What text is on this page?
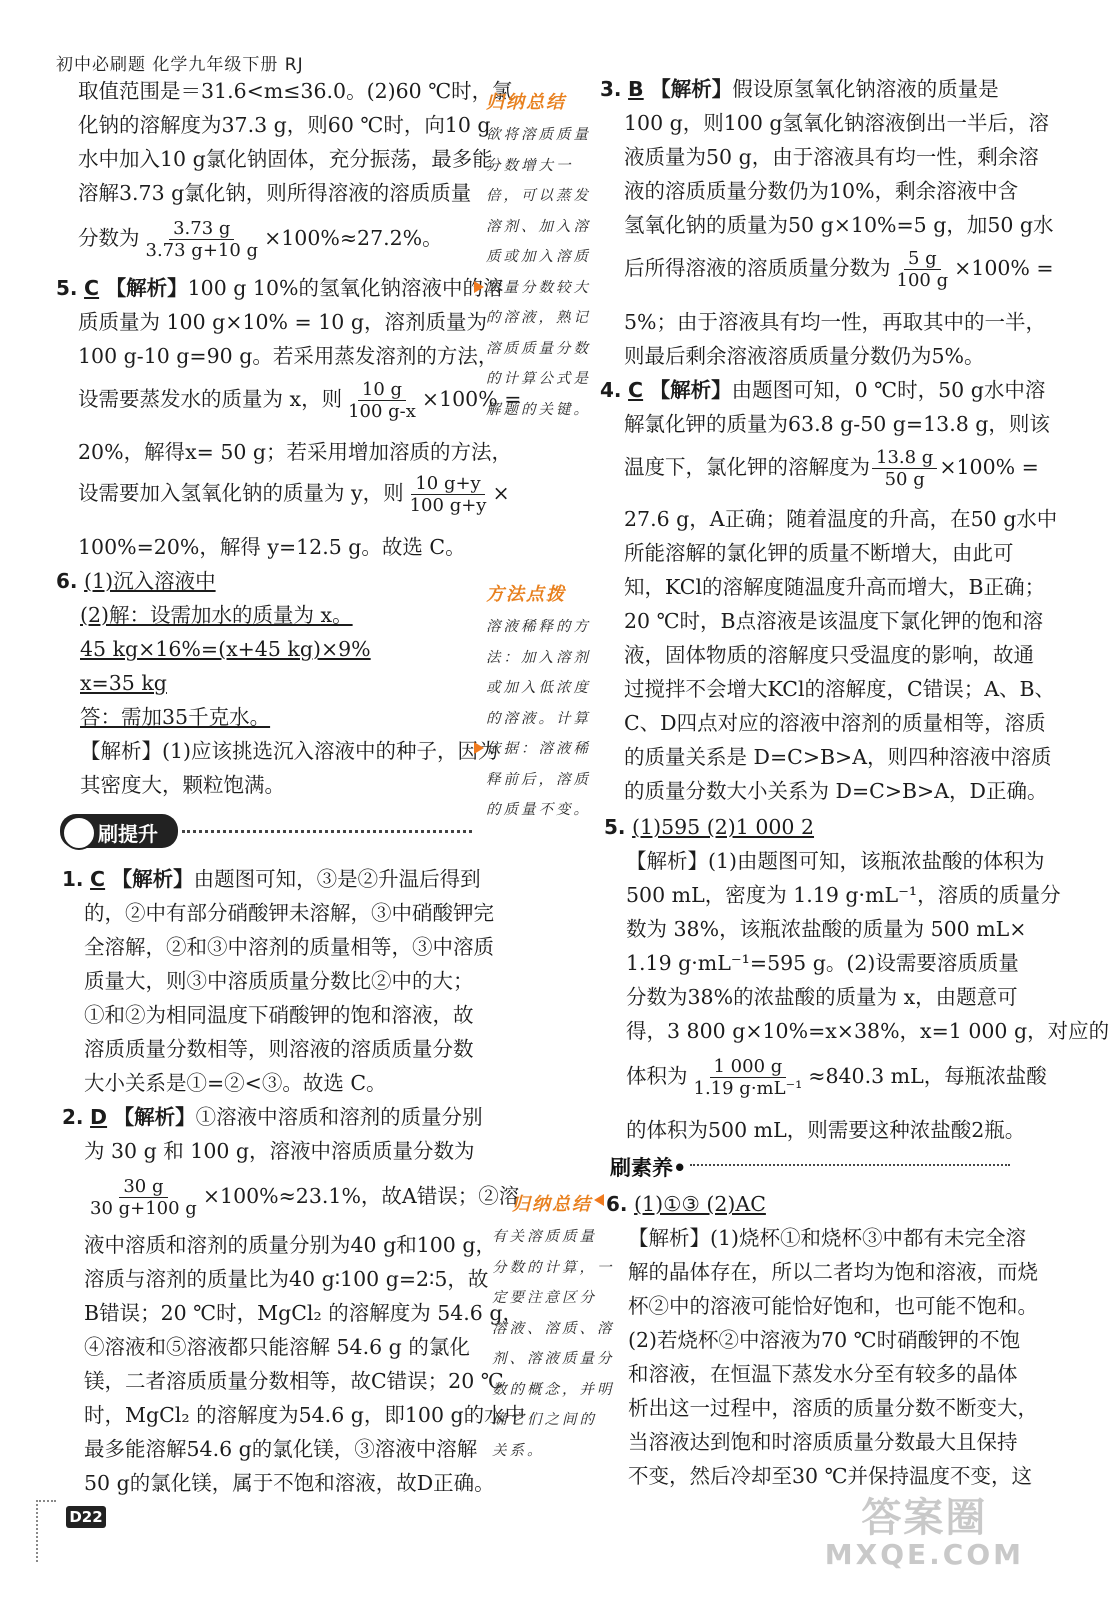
初中必刷题 化学九年级下册 RJ
取值范围是＝31.6<m≤36.0。(2)60 ℃时，氯
化钠的溶解度为37.3 g，则60 ℃时，向10 g
水中加入10 g氯化钠固体，充分振荡，最多能
溶解3.73 g氯化钠，则所得溶液的溶质质量
分数为 $\frac{3.73 g}{3.73 g+10 g} \times 100\%\approx 27.2\%$。
5. C 【解析】100 g 10%的氢氧化钠溶液中的溶
质质量为 100 g×10% = 10 g，溶剂质量为
100 g-10 g=90 g。若采用蒸发溶剂的方法，
设需要蒸发水的质量为 x，则 $\frac{10 g}{100 g-x} \times 100\%$ =
20%，解得x= 50 g；若采用增加溶质的方法，
设需要加入氢氧化钠的质量为 y，则 $\frac{10 g+y}{100 g+y}$ ×
100%=20%，解得 y=12.5 g。故选 C。
6. (1)沉入溶液中
(2)解：设需加水的质量为 x。
45 kg×16%=(x+45 kg)×9%
x=35 kg
答：需加35千克水。
【解析】(1)应该挑选沉入溶液中的种子，因为
其密度大，颗粒饱满。
刷提升
1. C 【解析】由题图可知，③是②升温后得到
的，②中有部分硝酸钾未溶解，③中硝酸钾完
全溶解，②和③中溶剂的质量相等，③中溶质
质量大，则③中溶质质量分数比②中的大；
①和②为相同温度下硝酸钾的饱和溶液，故
溶质质量分数相等，则溶液的溶质质量分数
大小关系是①=②<③。故选 C。
2. D 【解析】①溶液中溶质和溶剂的质量分别
为 30 g 和 100 g，溶液中溶质质量分数为
$\frac{30 g}{30 g+100 g} \times 100\%\approx 23.1\%$，故A错误；②溶
液中溶质和溶剂的质量分别为40 g和100 g，
溶质与溶剂的质量比为40 g∶100 g=2∶5，故
B错误；20 ℃时，MgCl₂ 的溶解度为 54.6 g，
④溶液和⑤溶液都只能溶解 54.6 g 的氯化
镁，二者溶质质量分数相等，故C错误；20 ℃
时，MgCl₂ 的溶解度为54.6 g，即100 g的水中
最多能溶解54.6 g的氯化镁，③溶液中溶解
50 g的氯化镁，属于不饱和溶液，故D正确。
归纳总结
欲将溶质质量
分数增大一
倍，可以蒸发
溶剂、加入溶
质或加入溶质
质量分数较大
的溶液，熟记
溶质质量分数
的计算公式是
解题的关键。
方法点拨
溶液稀释的方
法：加入溶剂
或加入低浓度
的溶液。计算
依据：溶液稀
释前后，溶质
的质量不变。
归纳总结
有关溶质质量
分数的计算，一
定要注意区分
溶液、溶质、溶
剂、溶液质量分
数的概念，并明
确它们之间的
关系。
3. B 【解析】假设原氢氧化钠溶液的质量是
100 g，则100 g氢氧化钠溶液倒出一半后，溶
液质量为50 g，由于溶液具有均一性，剩余溶
液的溶质质量分数仍为10%，剩余溶液中含
氢氧化钠的质量为50 g×10%=5 g，加50 g水
后所得溶液的溶质质量分数为 $\frac{5 g}{100 g} \times 100\%$ =
5%；由于溶液具有均一性，再取其中的一半，
则最后剩余溶液溶质质量分数仍为5%。
4. C 【解析】由题图可知，0 ℃时，50 g水中溶
解氯化钾的质量为63.8 g-50 g=13.8 g，则该
温度下，氯化钾的溶解度为 $\frac{13.8 g}{50 g} \times 100\%$ =
27.6 g，A正确；随着温度的升高，在50 g水中
所能溶解的氯化钾的质量不断增大，由此可
知，KCl的溶解度随温度升高而增大，B正确；
20 ℃时，B点溶液是该温度下氯化钾的饱和溶
液，固体物质的溶解度只受温度的影响，故通
过搅拌不会增大KCl的溶解度，C错误；A、B、
C、D四点对应的溶液中溶剂的质量相等，溶质
的质量关系是 D=C>B>A，则四种溶液中溶质
的质量分数大小关系为 D=C>B>A，D正确。
5. (1)595 (2)1 000 2
【解析】(1)由题图可知，该瓶浓盐酸的体积为
500 mL，密度为 1.19 g·mL⁻¹，溶质的质量分
数为 38%，该瓶浓盐酸的质量为 500 mL×
1.19 g·mL⁻¹=595 g。(2)设需要溶质质量
分数为38%的浓盐酸的质量为 x，由题意可
得，3 800 g×10%=x×38%，x=1 000 g，对应的
体积为 $\frac{1 000 g}{\text{1.19 g·mL⁻¹}} \approx 840.3$ mL，每瓶浓盐酸
的体积为500 mL，则需要这种浓盐酸2瓶。
刷素养•
6. (1)①③ (2)AC
【解析】(1)烧杯①和烧杯③中都有未完全溶
解的晶体存在，所以二者均为饱和溶液，而烧
杯②中的溶液可能恰好饱和，也可能不饱和。
(2)若烧杯②中溶液为70 ℃时硝酸钾的不饱
和溶液，在恒温下蒸发水分至有较多的晶体
析出这一过程中，溶质的质量分数不断变大，
当溶液达到饱和时溶质质量分数最大且保持
不变，然后冷却至30 ℃并保持温度不变，这
D22	答案圈
MXQE.COM
